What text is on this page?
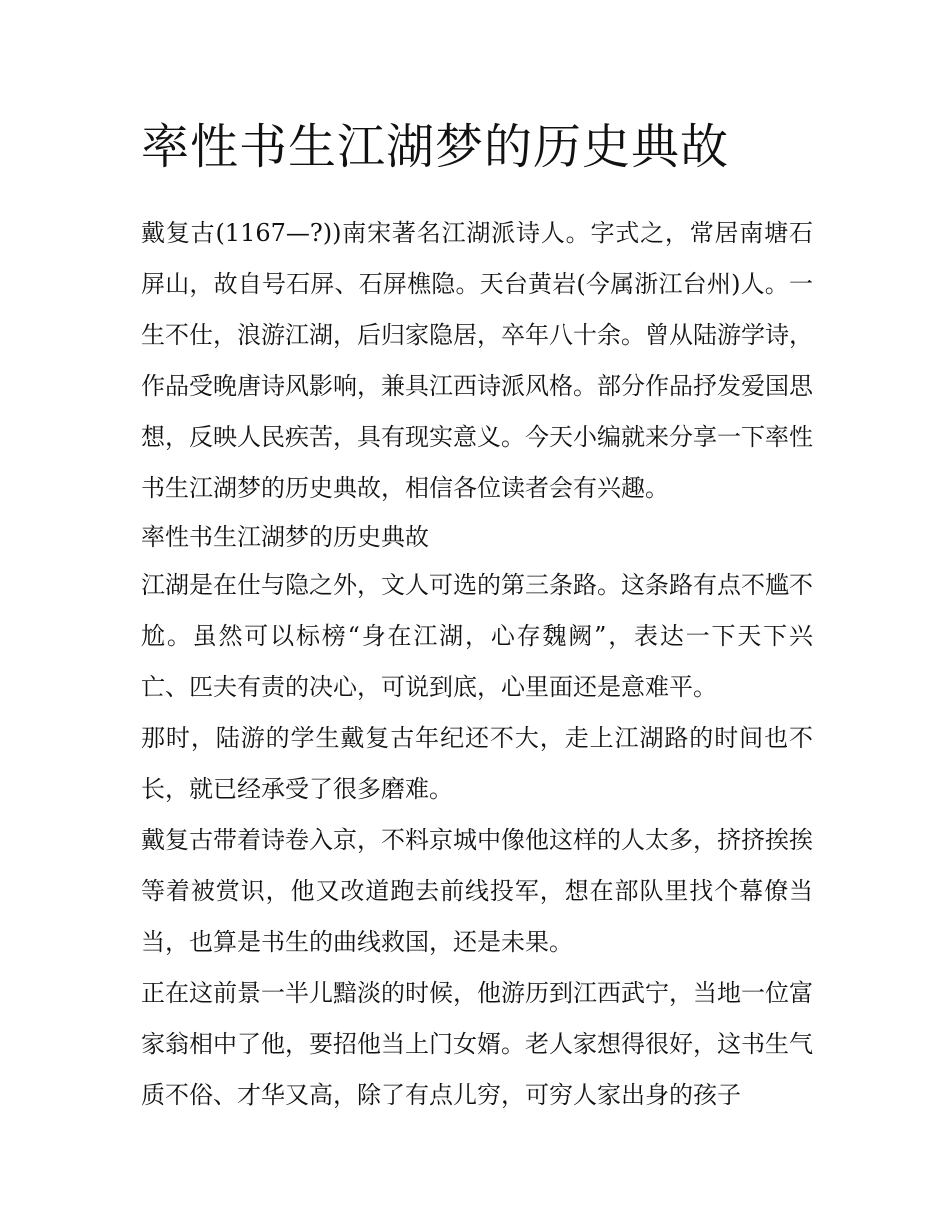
率性书生江湖梦的历史典故

戴复古(1167—?))南宋著名江湖派诗人。字式之，常居南塘石屏山，故自号石屏、石屏樵隐。天台黄岩(今属浙江台州)人。一生不仕，浪游江湖，后归家隐居，卒年八十余。曾从陆游学诗，作品受晚唐诗风影响，兼具江西诗派风格。部分作品抒发爱国思想，反映人民疾苦，具有现实意义。今天小编就来分享一下率性书生江湖梦的历史典故，相信各位读者会有兴趣。

率性书生江湖梦的历史典故

江湖是在仕与隐之外，文人可选的第三条路。这条路有点不尴不尬。虽然可以标榜“身在江湖，心存魏阙”，表达一下天下兴亡、匹夫有责的决心，可说到底，心里面还是意难平。

那时，陆游的学生戴复古年纪还不大，走上江湖路的时间也不长，就已经承受了很多磨难。

戴复古带着诗卷入京，不料京城中像他这样的人太多，挤挤挨挨等着被赏识，他又改道跑去前线投军，想在部队里找个幕僚当当，也算是书生的曲线救国，还是未果。

正在这前景一半儿黯淡的时候，他游历到江西武宁，当地一位富家翁相中了他，要招他当上门女婿。老人家想得很好，这书生气质不俗、才华又高，除了有点儿穷，可穷人家出身的孩子
